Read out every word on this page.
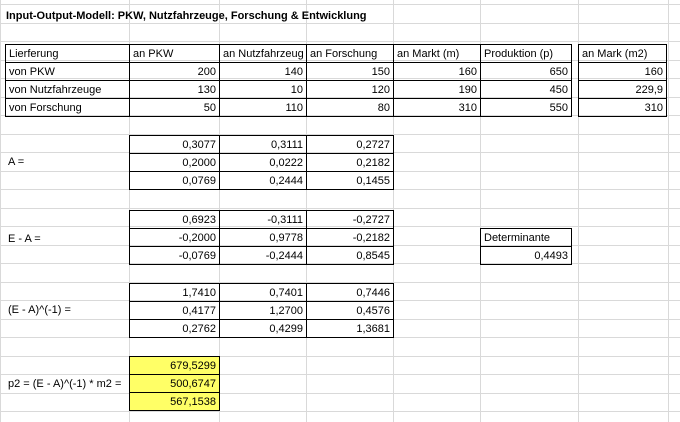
Input-Output-Modell: PKW, Nutzfahrzeuge, Forschung & Entwicklung
Lierferung	an PKW	an Nutzfahrzeug an Forschung	an Markt (m)	Produktion (p)	an Mark (m2)
von PKW	200	140	150	160	650	160
von Nutzfahrzeuge	130	10	120	190	450	229,9
von Forschung	50	110	80	310	550	310
A =
0,3077	0,3111	0,2727
0,2000	0,0222	0,2182
0,0769	0,2444	0,1455
E - A =
0,6923	-0,3111	-0,2727
-0,2000	0,9778	-0,2182
-0,0769	-0,2444	0,8545
Determinante
0,4493
(E - A)^(-1) =
1,7410	0,7401	0,7446
0,4177	1,2700	0,4576
0,2762	0,4299	1,3681
p2 = (E - A)^(-1) * m2 =
679,5299
500,6747
567,1538
